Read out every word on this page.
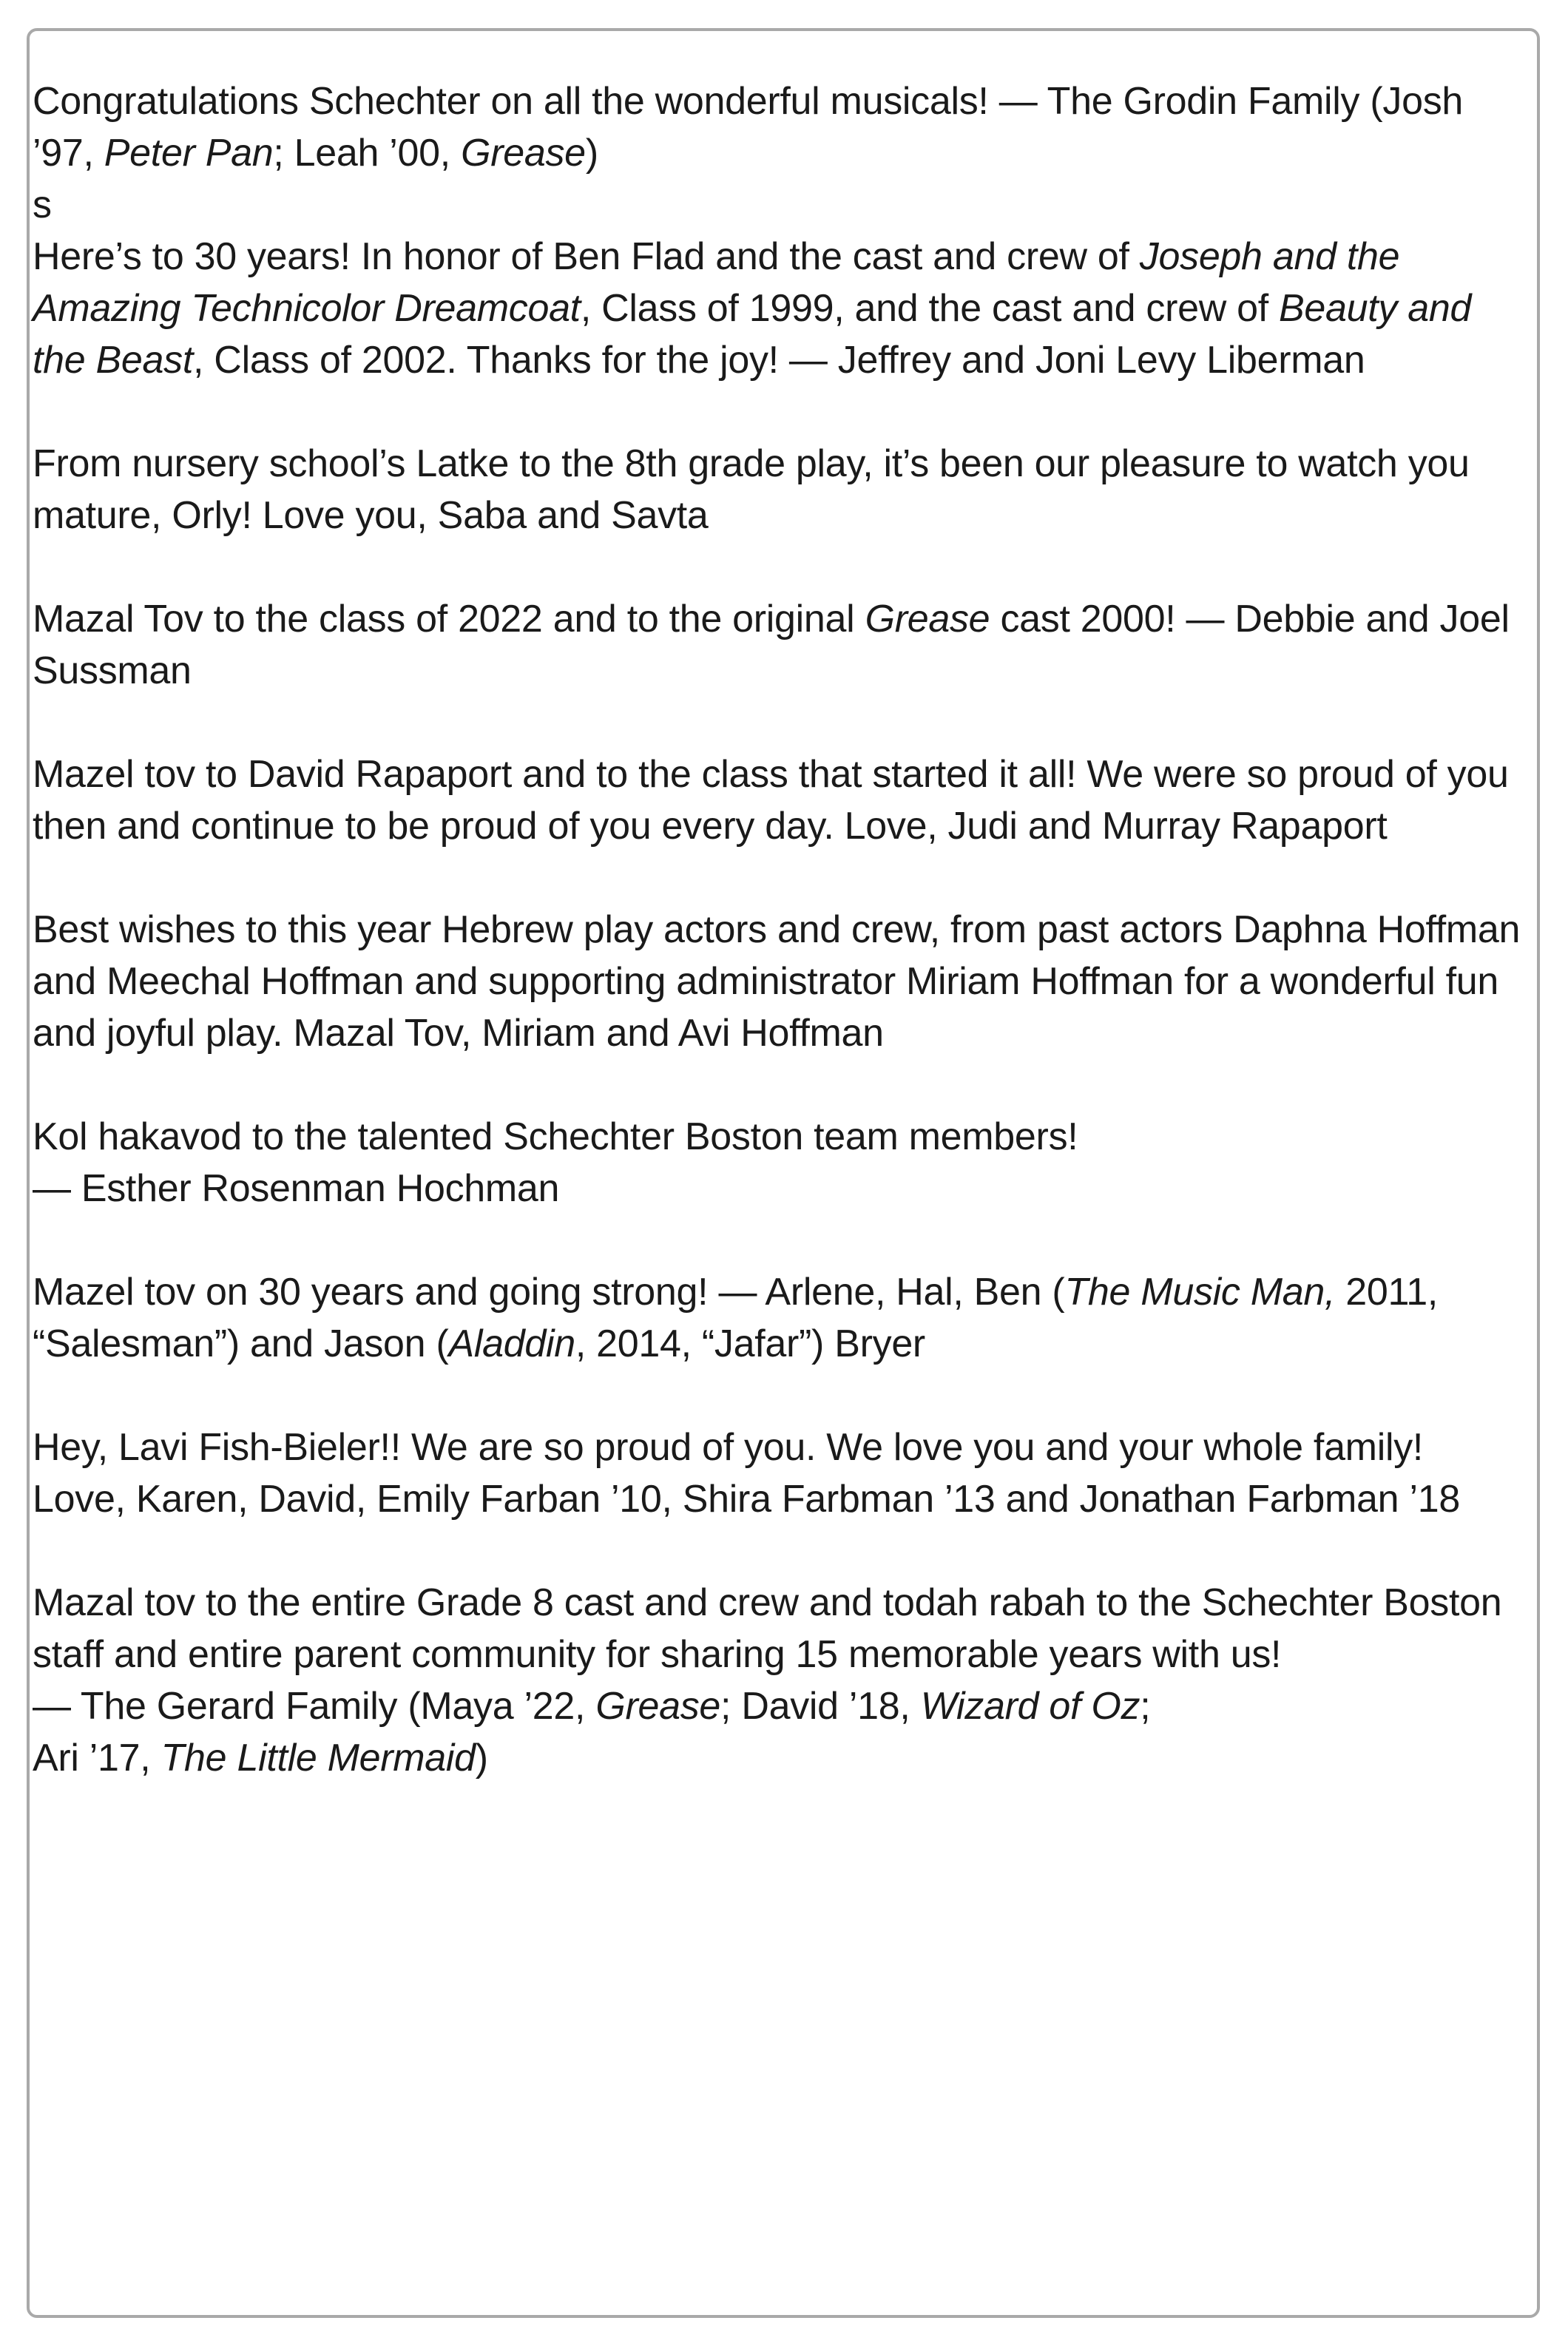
Congratulations Schechter on all the wonderful musicals! — The Grodin Family (Josh ’97, Peter Pan; Leah ’00, Grease)
s
Here’s to 30 years! In honor of Ben Flad and the cast and crew of Joseph and the Amazing Technicolor Dreamcoat, Class of 1999, and the cast and crew of Beauty and the Beast, Class of 2002. Thanks for the joy! — Jeffrey and Joni Levy Liberman
From nursery school’s Latke to the 8th grade play, it’s been our pleasure to watch you mature, Orly! Love you, Saba and Savta
Mazal Tov to the class of 2022 and to the original Grease cast 2000! — Debbie and Joel Sussman
Mazel tov to David Rapaport and to the class that started it all! We were so proud of you then and continue to be proud of you every day. Love, Judi and Murray Rapaport
Best wishes to this year Hebrew play actors and crew, from past actors Daphna Hoffman and Meechal Hoffman and supporting administrator Miriam Hoffman for a wonderful fun and joyful play. Mazal Tov, Miriam and Avi Hoffman
Kol hakavod to the talented Schechter Boston team members!
— Esther Rosenman Hochman
Mazel tov on 30 years and going strong! — Arlene, Hal, Ben (The Music Man, 2011, “Salesman”) and Jason (Aladdin, 2014, “Jafar”) Bryer
Hey, Lavi Fish-Bieler!! We are so proud of you. We love you and your whole family! Love, Karen, David, Emily Farban ’10, Shira Farbman ’13 and Jonathan Farbman ’18
Mazal tov to the entire Grade 8 cast and crew and todah rabah to the Schechter Boston staff and entire parent community for sharing 15 memorable years with us!
— The Gerard Family (Maya ’22, Grease; David ’18, Wizard of Oz;
Ari ’17, The Little Mermaid)
